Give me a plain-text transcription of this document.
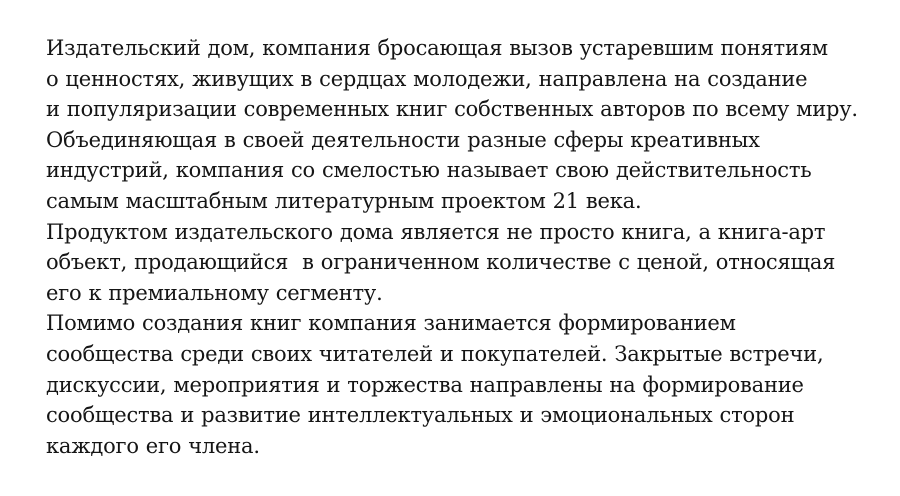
Издательский дом, компания бросающая вызов устаревшим понятиям
о ценностях, живущих в сердцах молодежи, направлена на создание
и популяризации современных книг собственных авторов по всему миру.
Объединяющая в своей деятельности разные сферы креативных
индустрий, компания со смелостью называет свою действительность
самым масштабным литературным проектом 21 века.
Продуктом издательского дома является не просто книга, а книга-арт
объект, продающийся  в ограниченном количестве с ценой, относящая
его к премиальному сегменту.
Помимо создания книг компания занимается формированием
сообщества среди своих читателей и покупателей. Закрытые встречи,
дискуссии, мероприятия и торжества направлены на формирование
сообщества и развитие интеллектуальных и эмоциональных сторон
каждого его члена.
